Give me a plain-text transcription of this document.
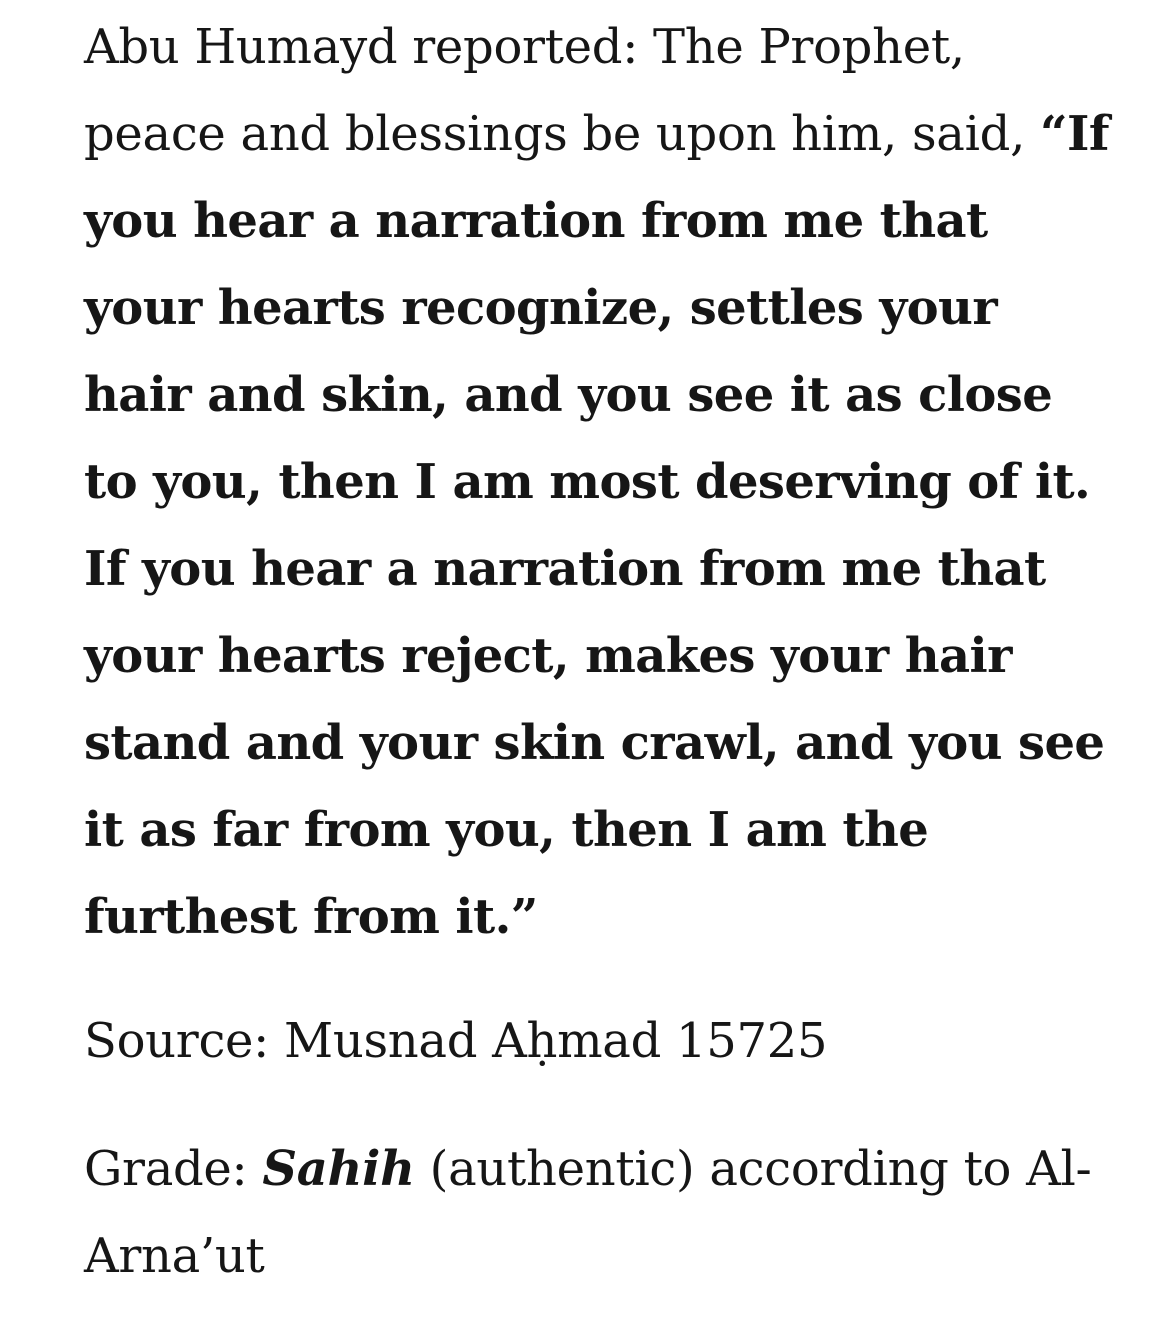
Abu Humayd reported: The Prophet, peace and blessings be upon him, said, “If you hear a narration from me that your hearts recognize, settles your hair and skin, and you see it as close to you, then I am most deserving of it. If you hear a narration from me that your hearts reject, makes your hair stand and your skin crawl, and you see it as far from you, then I am the furthest from it.”

Source: Musnad Aḥmad 15725

Grade: Sahih (authentic) according to Al-Arna’ut
